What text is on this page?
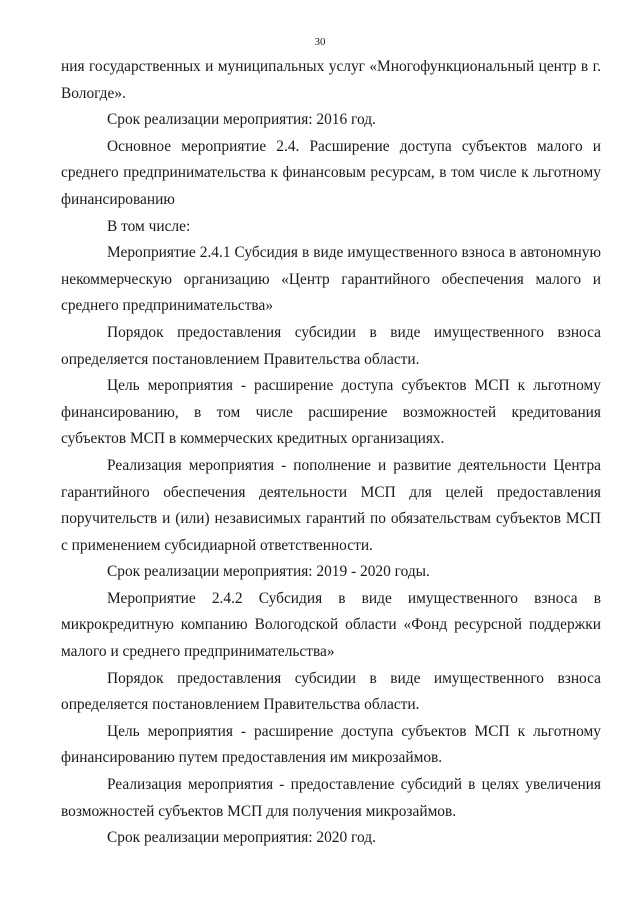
30

ния государственных и муниципальных услуг «Многофункциональный центр в г. Вологде».

Срок реализации мероприятия: 2016 год.

Основное мероприятие 2.4. Расширение доступа субъектов малого и среднего предпринимательства к финансовым ресурсам, в том числе к льготному финансированию

В том числе:

Мероприятие 2.4.1 Субсидия в виде имущественного взноса в автономную некоммерческую организацию «Центр гарантийного обеспечения малого и среднего предпринимательства»

Порядок предоставления субсидии в виде имущественного взноса определяется постановлением Правительства области.

Цель мероприятия - расширение доступа субъектов МСП к льготному финансированию, в том числе расширение возможностей кредитования субъектов МСП в коммерческих кредитных организациях.

Реализация мероприятия - пополнение и развитие деятельности Центра гарантийного обеспечения деятельности МСП для целей предоставления поручительств и (или) независимых гарантий по обязательствам субъектов МСП с применением субсидиарной ответственности.

Срок реализации мероприятия: 2019 - 2020 годы.

Мероприятие 2.4.2 Субсидия в виде имущественного взноса в микрокредитную компанию Вологодской области «Фонд ресурсной поддержки малого и среднего предпринимательства»

Порядок предоставления субсидии в виде имущественного взноса определяется постановлением Правительства области.

Цель мероприятия - расширение доступа субъектов МСП к льготному финансированию путем предоставления им микрозаймов.

Реализация мероприятия - предоставление субсидий в целях увеличения возможностей субъектов МСП для получения микрозаймов.

Срок реализации мероприятия: 2020 год.
